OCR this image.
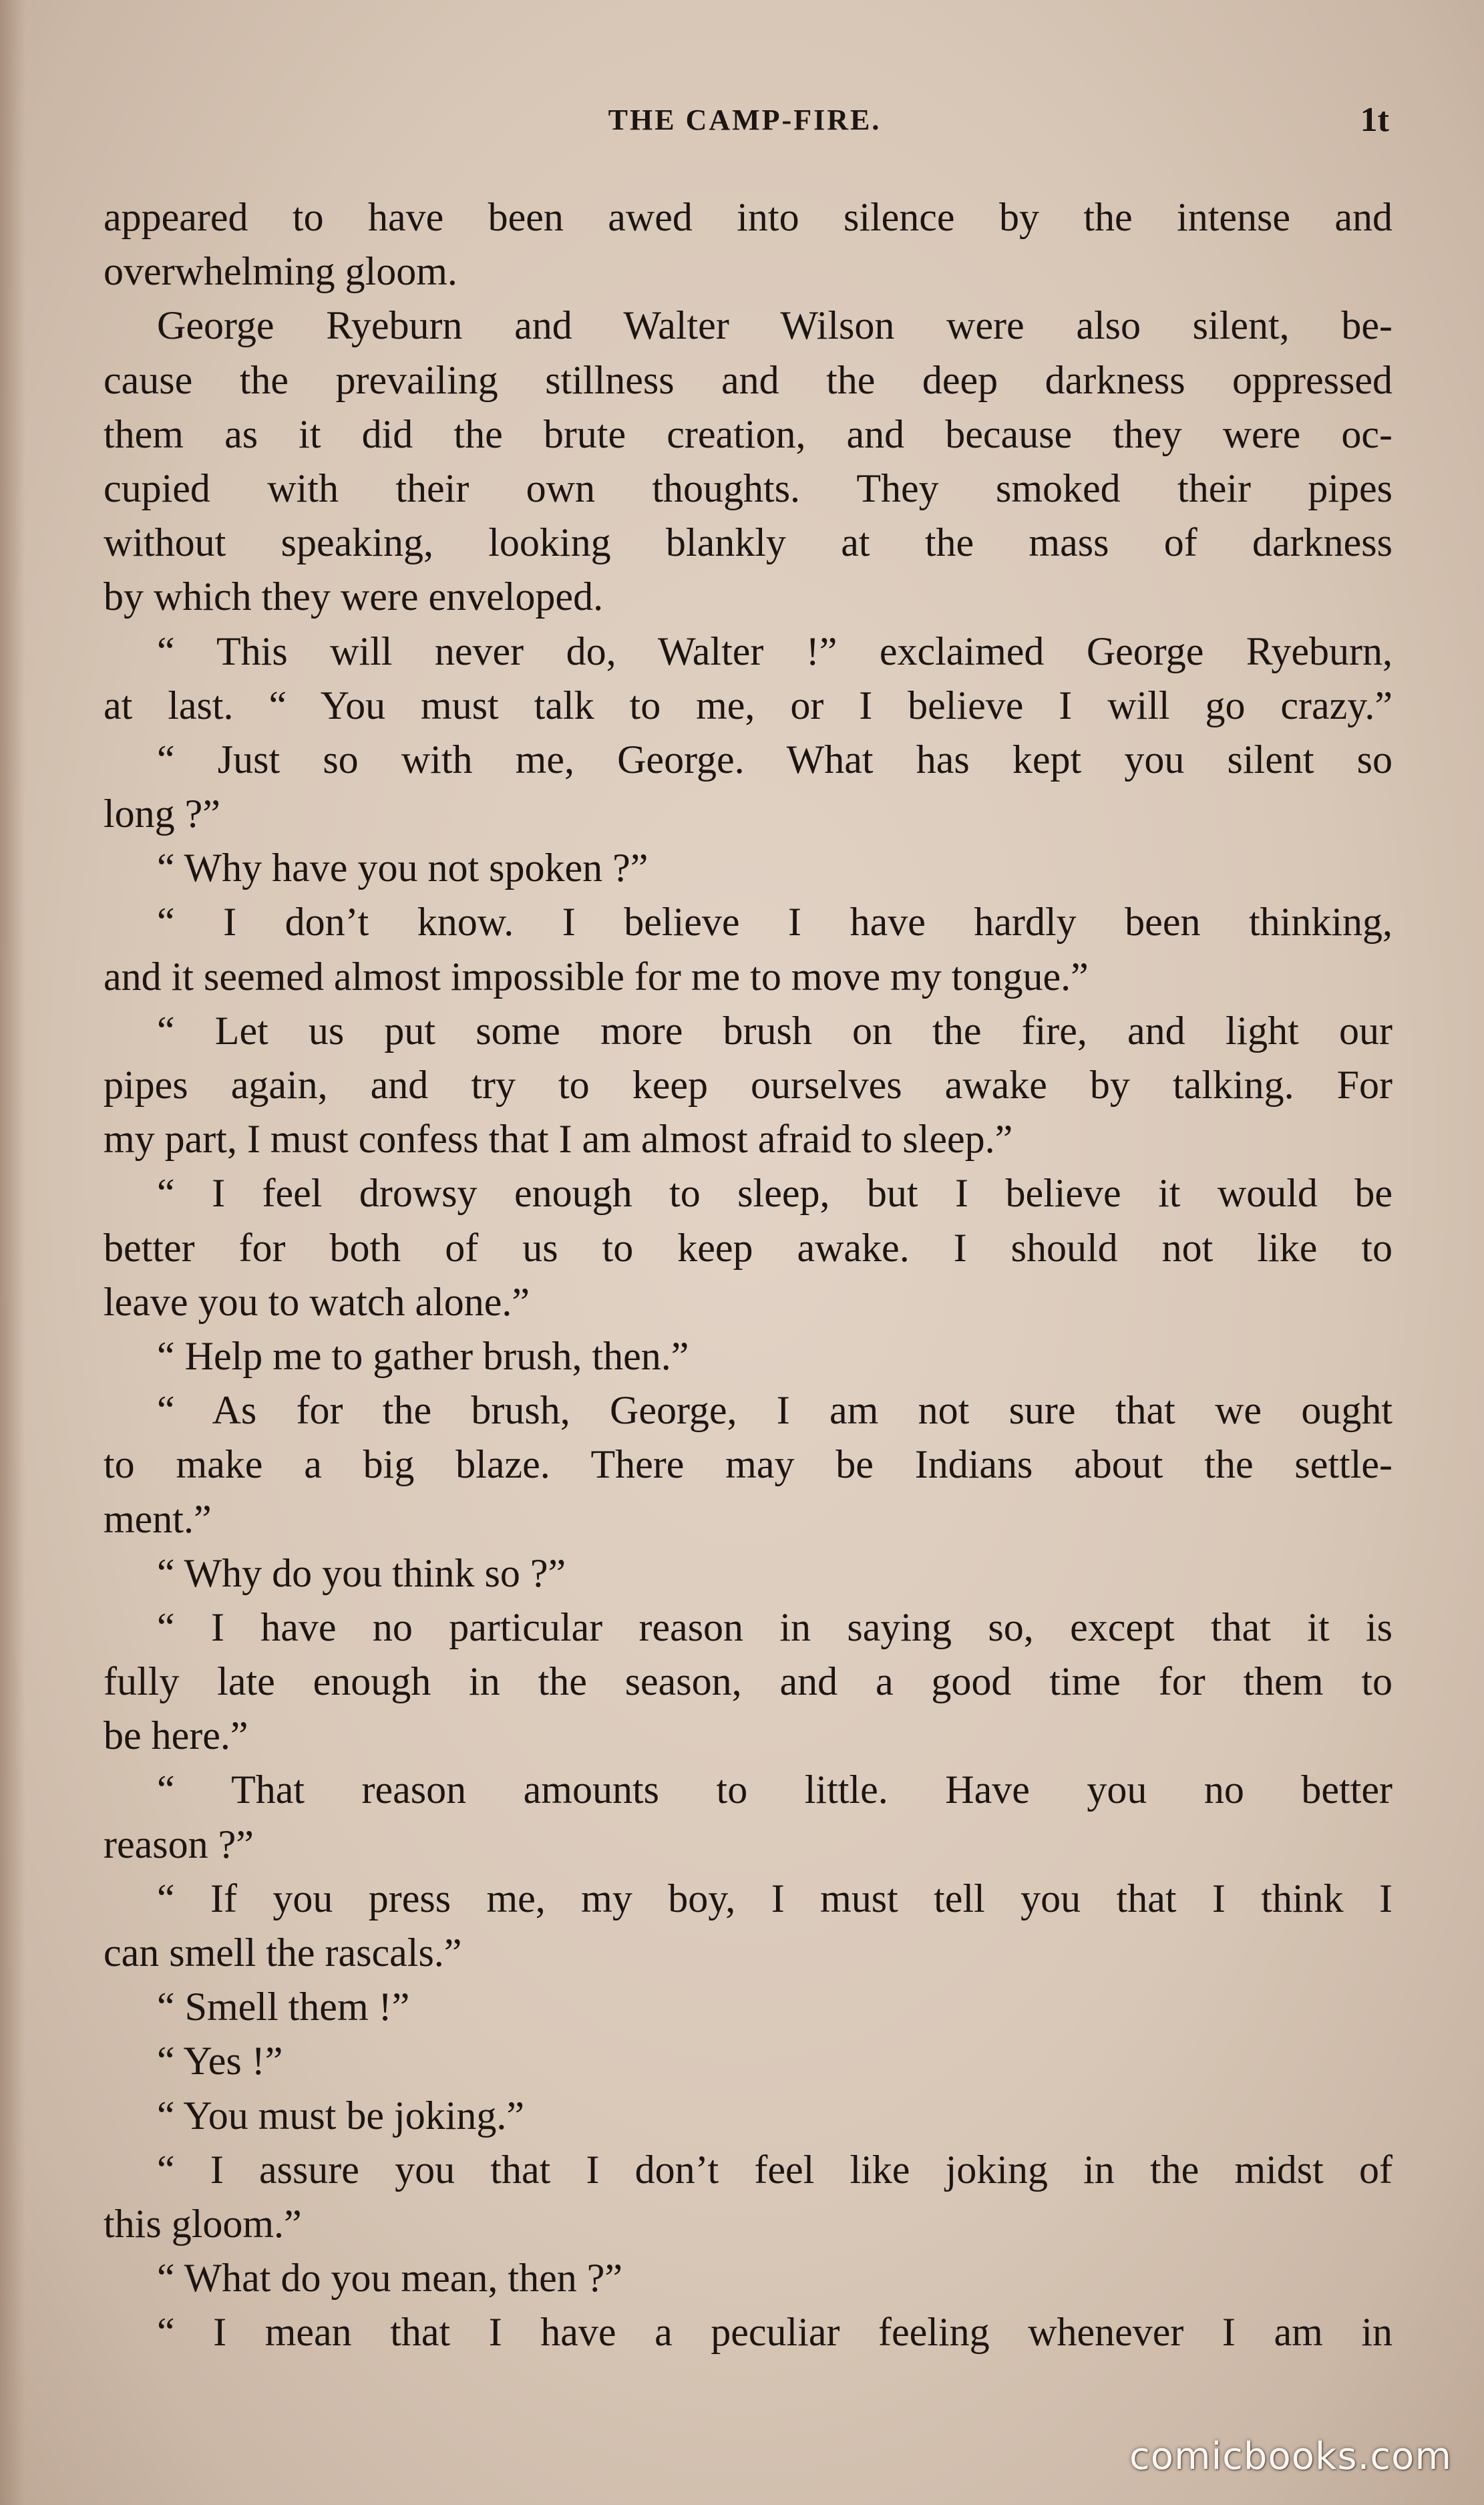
THE CAMP-FIRE.	1t
appeared to have been awed into silence by the intense and
overwhelming gloom.
George Ryeburn and Walter Wilson were also silent, be-
cause the prevailing stillness and the deep darkness oppressed
them as it did the brute creation, and because they were oc-
cupied with their own thoughts. They smoked their pipes
without speaking, looking blankly at the mass of darkness
by which they were enveloped.
“ This will never do, Walter !” exclaimed George Ryeburn,
at last. “ You must talk to me, or I believe I will go crazy.”
“ Just so with me, George. What has kept you silent so
long ?”
“ Why have you not spoken ?”
“ I don’t know. I believe I have hardly been thinking,
and it seemed almost impossible for me to move my tongue.”
“ Let us put some more brush on the fire, and light our
pipes again, and try to keep ourselves awake by talking. For
my part, I must confess that I am almost afraid to sleep.”
“ I feel drowsy enough to sleep, but I believe it would be
better for both of us to keep awake. I should not like to
leave you to watch alone.”
“ Help me to gather brush, then.”
“ As for the brush, George, I am not sure that we ought
to make a big blaze. There may be Indians about the settle-
ment.”
“ Why do you think so ?”
“ I have no particular reason in saying so, except that it is
fully late enough in the season, and a good time for them to
be here.”
“ That reason amounts to little. Have you no better
reason ?”
“ If you press me, my boy, I must tell you that I think I
can smell the rascals.”
“ Smell them !”
“ Yes !”
“ You must be joking.”
“ I assure you that I don’t feel like joking in the midst of
this gloom.”
“ What do you mean, then ?”
“ I mean that I have a peculiar feeling whenever I am in
comicbooks.com
